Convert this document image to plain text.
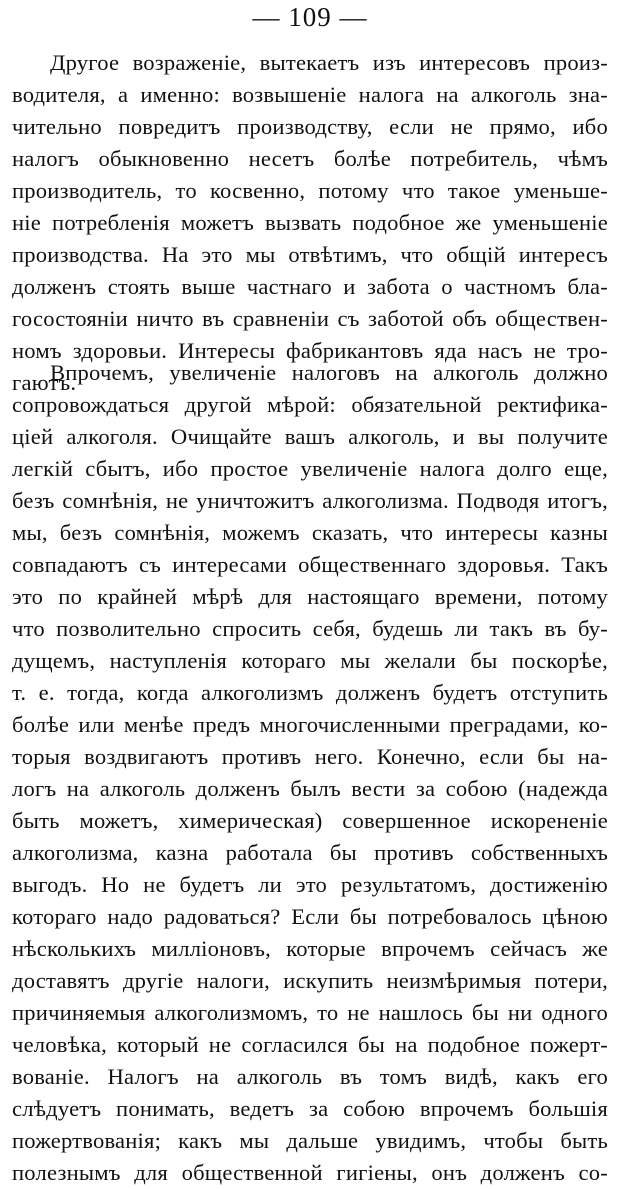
— 109 —
Другое возраженіе, вытекаетъ изъ интересовъ произ-
водителя, а именно: возвышеніе налога на алкоголь зна-
чительно повредитъ производству, если не прямо, ибо
налогъ обыкновенно несетъ болѣе потребитель, чѣмъ
производитель, то косвенно, потому что такое уменьше-
ніе потребленія можетъ вызвать подобное же уменьшеніе
производства. На это мы отвѣтимъ, что общій интересъ
долженъ стоять выше частнаго и забота о частномъ бла-
госостояніи ничто въ сравненіи съ заботой объ обществен-
номъ здоровьи. Интересы фабрикантовъ яда насъ не тро-
гаютъ.
Впрочемъ, увеличеніе налоговъ на алкоголь должно
сопровождаться другой мѣрой: обязательной ректифика-
ціей алкоголя. Очищайте вашъ алкоголь, и вы получите
легкій сбытъ, ибо простое увеличеніе налога долго еще,
безъ сомнѣнія, не уничтожитъ алкоголизма. Подводя итогъ,
мы, безъ сомнѣнія, можемъ сказать, что интересы казны
совпадаютъ съ интересами общественнаго здоровья. Такъ
это по крайней мѣрѣ для настоящаго времени, потому
что позволительно спросить себя, будешь ли такъ въ бу-
дущемъ, наступленія котораго мы желали бы поскорѣе,
т. е. тогда, когда алкоголизмъ долженъ будетъ отступить
болѣе или менѣе предъ многочисленными преградами, ко-
торыя воздвигаютъ противъ него. Конечно, если бы на-
логъ на алкоголь долженъ былъ вести за собою (надежда
быть можетъ, химерическая) совершенное искорененіе
алкоголизма, казна работала бы противъ собственныхъ
выгодъ. Но не будетъ ли это результатомъ, достиженію
котораго надо радоваться? Если бы потребовалось цѣною
нѣсколькихъ милліоновъ, которые впрочемъ сейчасъ же
доставятъ другіе налоги, искупить неизмѣримыя потери,
причиняемыя алкоголизмомъ, то не нашлось бы ни одного
человѣка, который не согласился бы на подобное пожерт-
вованіе. Налогъ на алкоголь въ томъ видѣ, какъ его
слѣдуетъ понимать, ведетъ за собою впрочемъ большія
пожертвованія; какъ мы дальше увидимъ, чтобы быть
полезнымъ для общественной гигіены, онъ долженъ со-
